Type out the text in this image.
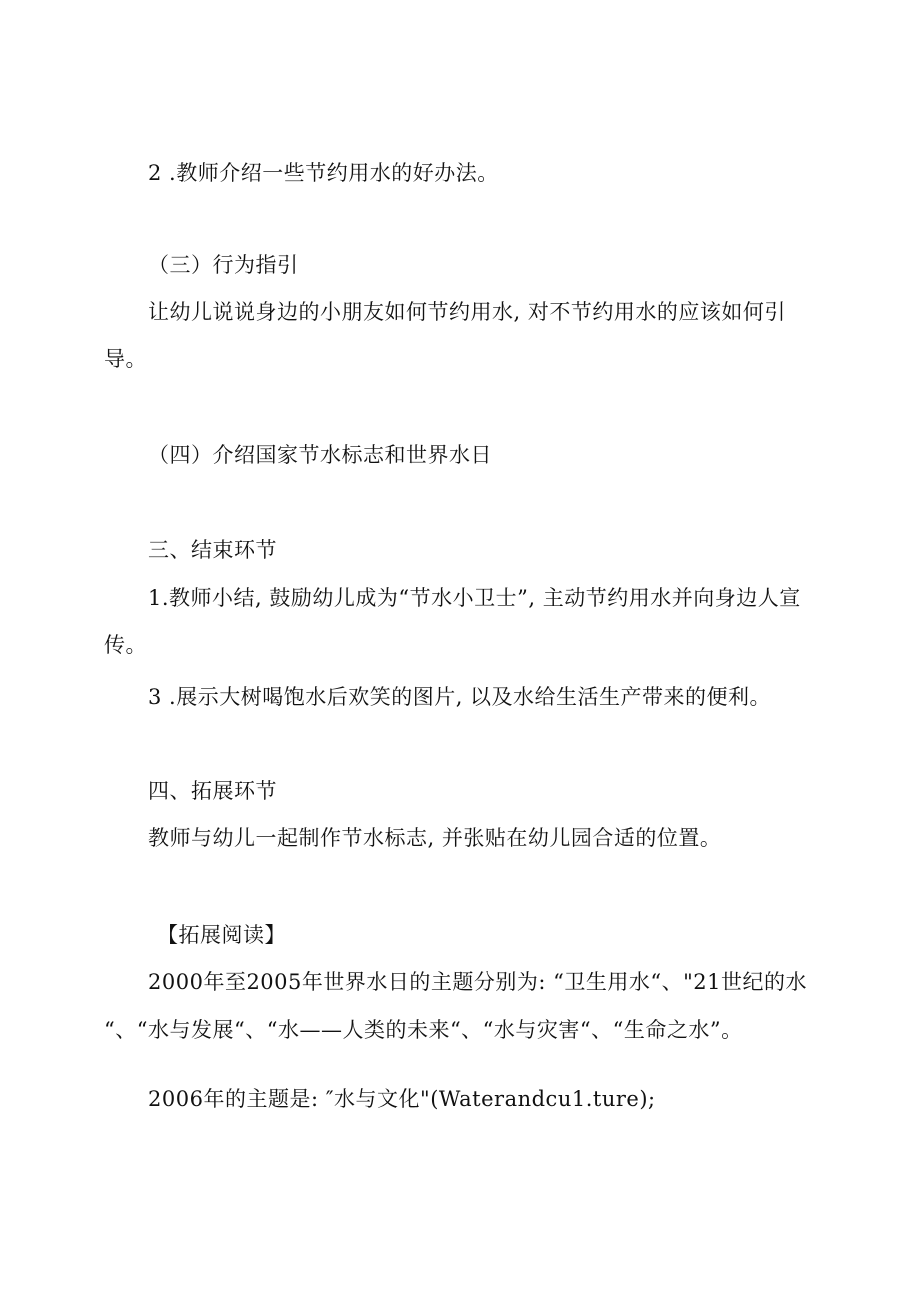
2 .教师介绍一些节约用水的好办法。
（三）行为指引
让幼儿说说身边的小朋友如何节约用水, 对不节约用水的应该如何引
导。
（四）介绍国家节水标志和世界水日
三、结束环节
1.教师小结, 鼓励幼儿成为“节水小卫士”, 主动节约用水并向身边人宣
传。
3 .展示大树喝饱水后欢笑的图片, 以及水给生活生产带来的便利。
四、拓展环节
教师与幼儿一起制作节水标志, 并张贴在幼儿园合适的位置。
【拓展阅读】
2000年至2005年世界水日的主题分别为: “卫生用水“、"21世纪的水
“、“水与发展“、“水——人类的未来“、“水与灾害“、“生命之水”。
2006年的主题是: ″水与文化"(Waterandcu1.ture);
